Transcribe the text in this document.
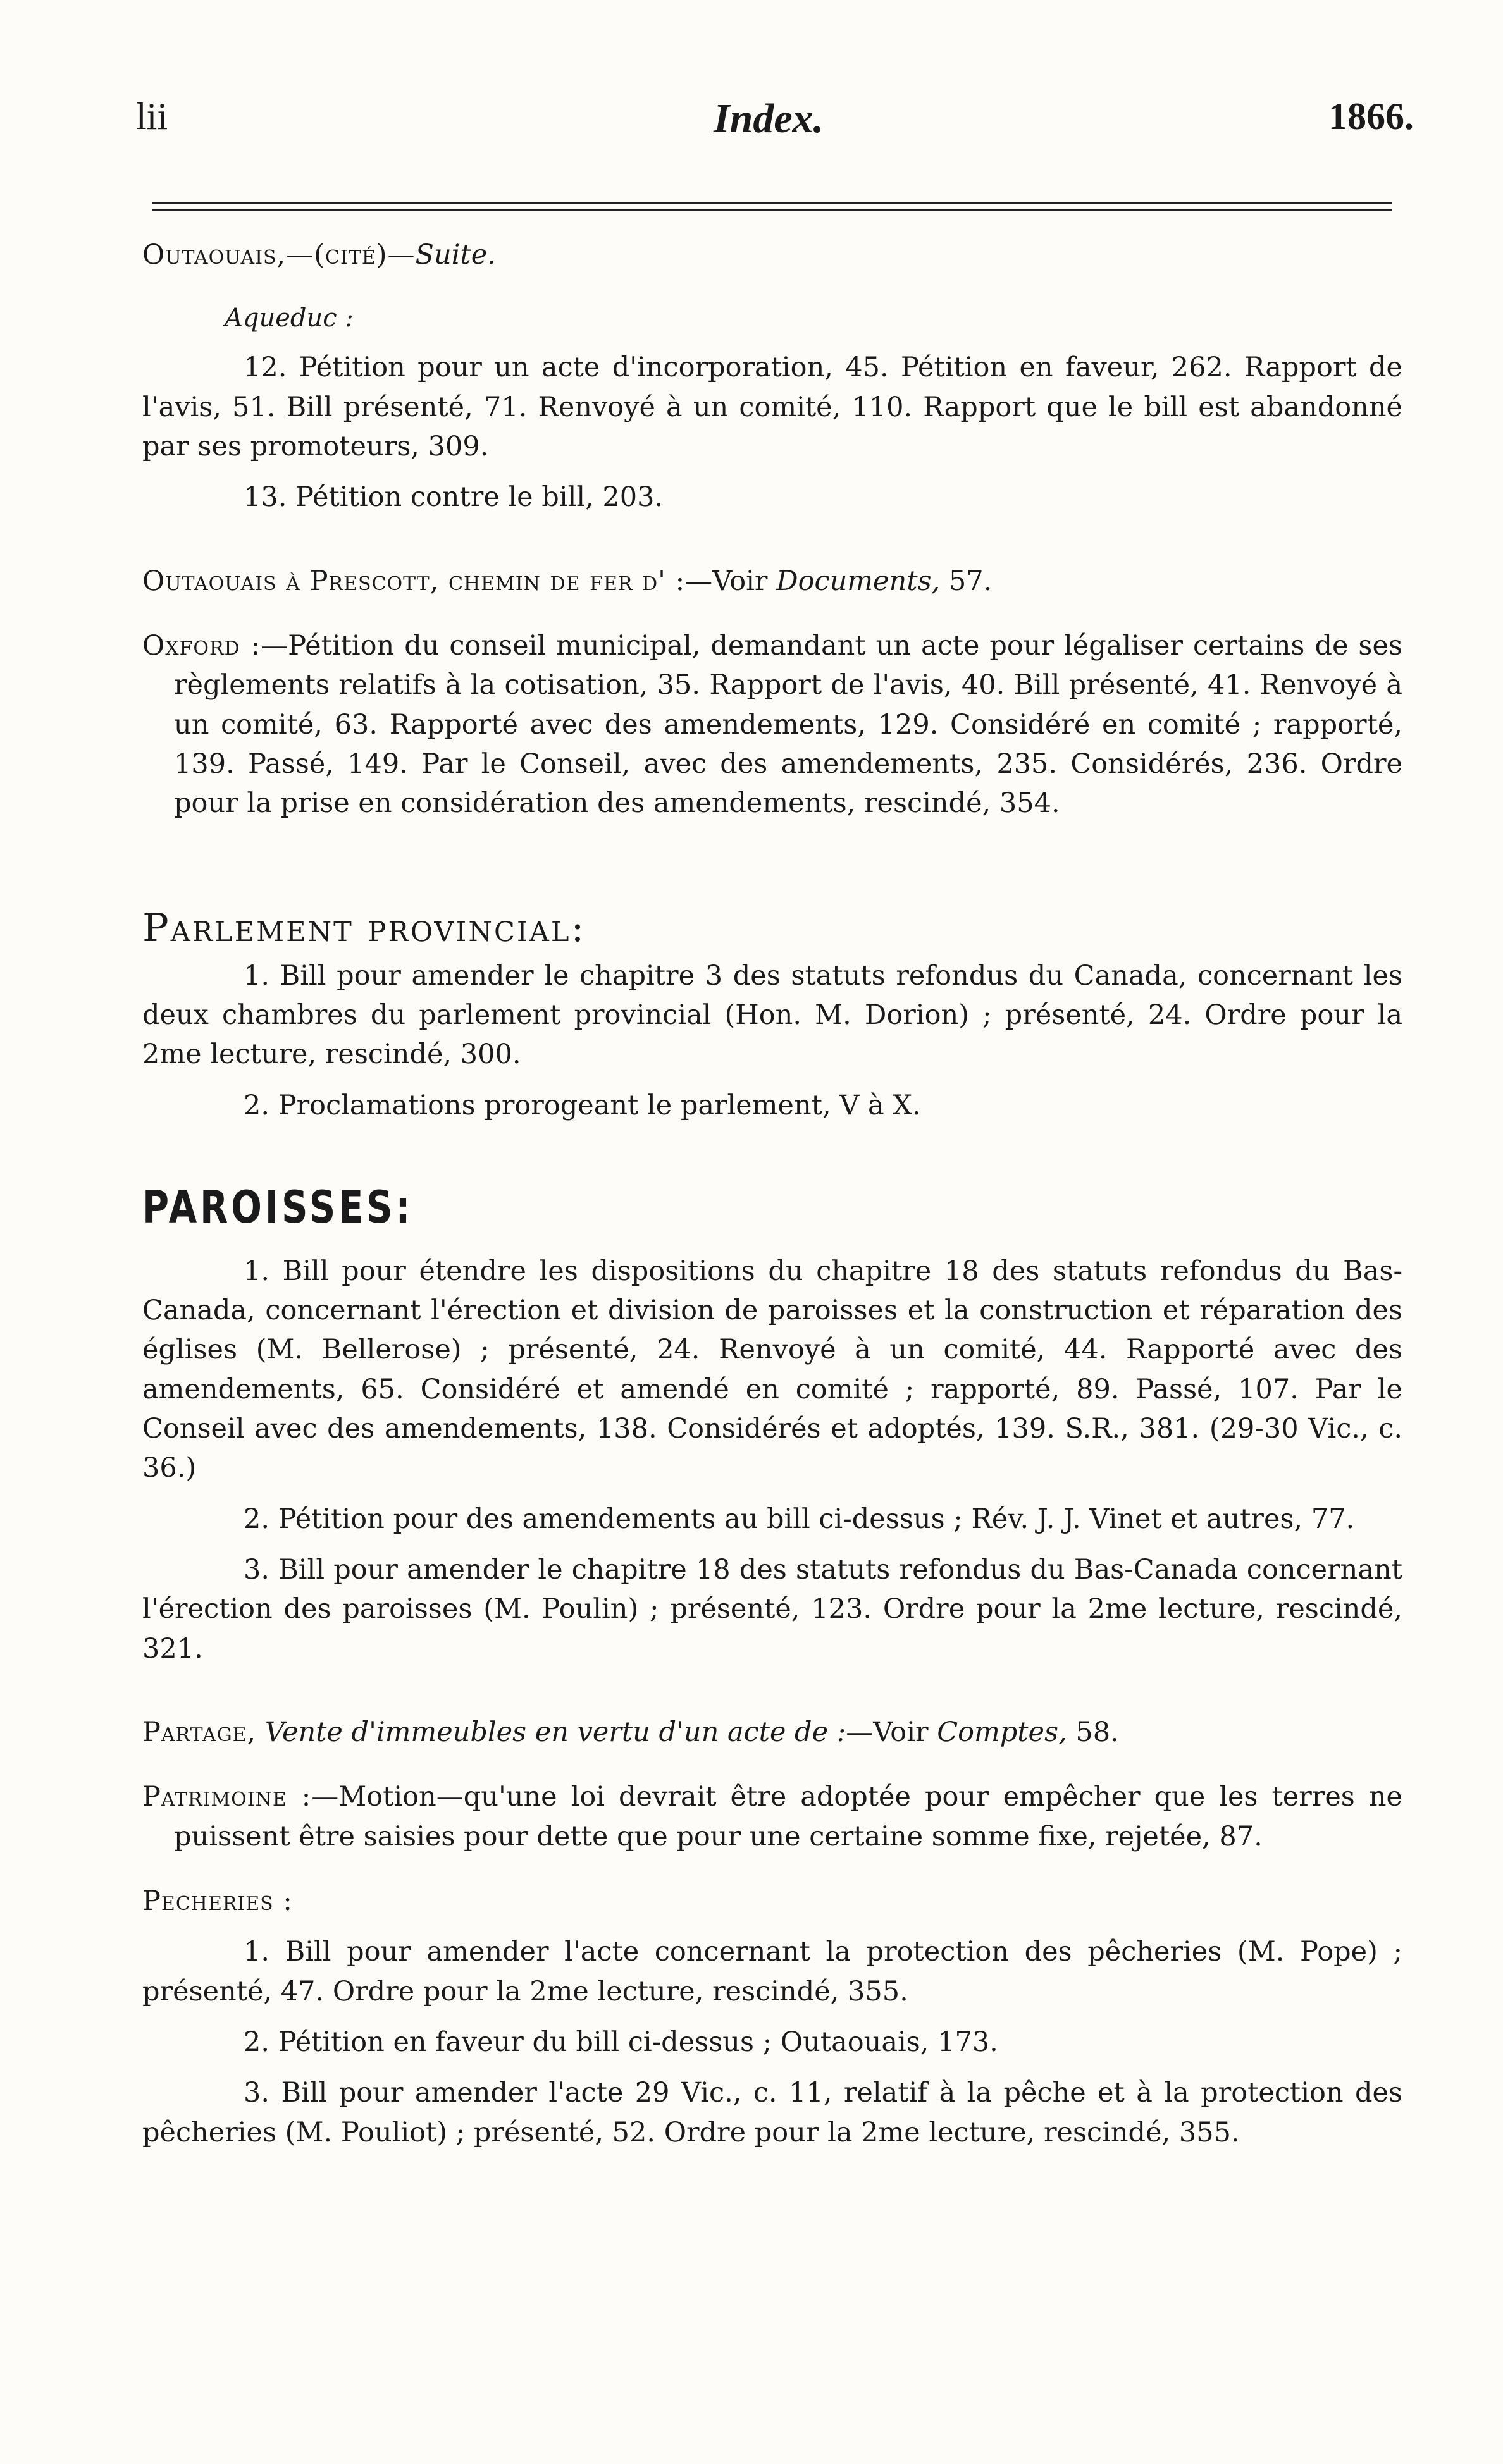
lii	Index.	1866.

Outaouais,—(cité)—Suite.

Aqueduc :

12. Pétition pour un acte d'incorporation, 45. Pétition en faveur, 262. Rapport de l'avis, 51. Bill présenté, 71. Renvoyé à un comité, 110. Rapport que le bill est abandonné par ses promoteurs, 309.

13. Pétition contre le bill, 203.

Outaouais à Prescott, chemin de fer d' :—Voir Documents, 57.

Oxford :—Pétition du conseil municipal, demandant un acte pour légaliser certains de ses règlements relatifs à la cotisation, 35. Rapport de l'avis, 40. Bill présenté, 41. Renvoyé à un comité, 63. Rapporté avec des amendements, 129. Considéré en comité ; rapporté, 139. Passé, 149. Par le Conseil, avec des amendements, 235. Considérés, 236. Ordre pour la prise en considération des amendements, rescindé, 354.

Parlement provincial:

1. Bill pour amender le chapitre 3 des statuts refondus du Canada, concernant les deux chambres du parlement provincial (Hon. M. Dorion) ; présenté, 24. Ordre pour la 2me lecture, rescindé, 300.

2. Proclamations prorogeant le parlement, V à X.

PAROISSES:

1. Bill pour étendre les dispositions du chapitre 18 des statuts refondus du Bas-Canada, concernant l'érection et division de paroisses et la construction et réparation des églises (M. Bellerose) ; présenté, 24. Renvoyé à un comité, 44. Rapporté avec des amendements, 65. Considéré et amendé en comité ; rapporté, 89. Passé, 107. Par le Conseil avec des amendements, 138. Considérés et adoptés, 139. S.R., 381. (29-30 Vic., c. 36.)

2. Pétition pour des amendements au bill ci-dessus ; Rév. J. J. Vinet et autres, 77.

3. Bill pour amender le chapitre 18 des statuts refondus du Bas-Canada concernant l'érection des paroisses (M. Poulin) ; présenté, 123. Ordre pour la 2me lecture, rescindé, 321.

Partage, Vente d'immeubles en vertu d'un acte de :—Voir Comptes, 58.

Patrimoine :—Motion—qu'une loi devrait être adoptée pour empêcher que les terres ne puissent être saisies pour dette que pour une certaine somme fixe, rejetée, 87.

Pecheries :

1. Bill pour amender l'acte concernant la protection des pêcheries (M. Pope) ; présenté, 47. Ordre pour la 2me lecture, rescindé, 355.

2. Pétition en faveur du bill ci-dessus ; Outaouais, 173.

3. Bill pour amender l'acte 29 Vic., c. 11, relatif à la pêche et à la protection des pêcheries (M. Pouliot) ; présenté, 52. Ordre pour la 2me lecture, rescindé, 355.
